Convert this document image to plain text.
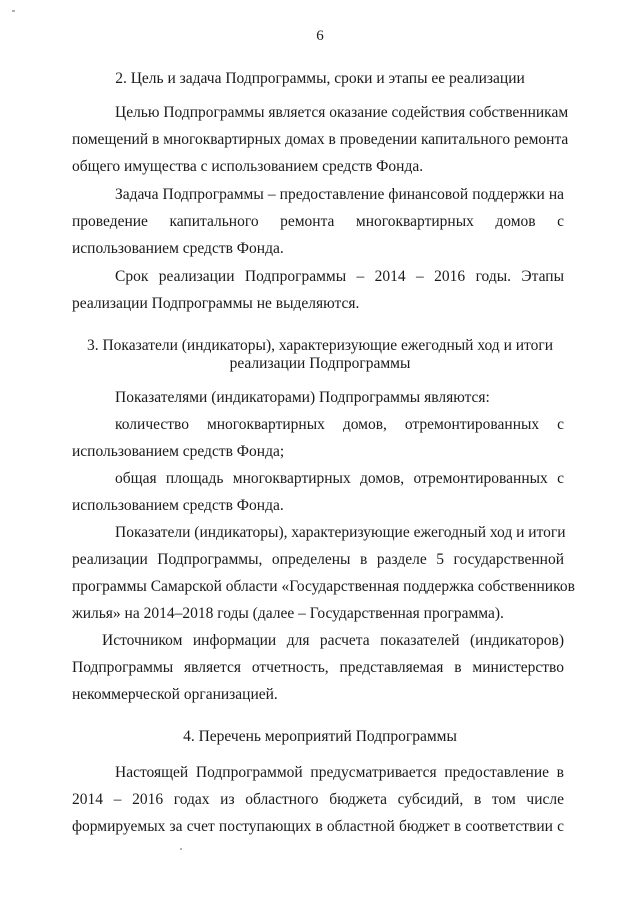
6
2. Цель и задача Подпрограммы, сроки и этапы ее реализации
Целью Подпрограммы является оказание содействия собственникам
помещений в многоквартирных домах в проведении капитального ремонта
общего имущества с использованием средств Фонда.
Задача Подпрограммы – предоставление финансовой поддержки на
проведение капитального ремонта многоквартирных домов с
использованием средств Фонда.
Срок реализации Подпрограммы – 2014 – 2016 годы. Этапы
реализации Подпрограммы не выделяются.
3. Показатели (индикаторы), характеризующие ежегодный ход и итоги
реализации Подпрограммы
Показателями (индикаторами) Подпрограммы являются:
количество многоквартирных домов, отремонтированных с
использованием средств Фонда;
общая площадь многоквартирных домов, отремонтированных с
использованием средств Фонда.
Показатели (индикаторы), характеризующие ежегодный ход и итоги
реализации Подпрограммы, определены в разделе 5 государственной
программы Самарской области «Государственная поддержка собственников
жилья» на 2014–2018 годы (далее – Государственная программа).
Источником информации для расчета показателей (индикаторов)
Подпрограммы является отчетность, представляемая в министерство
некоммерческой организацией.
4. Перечень мероприятий Подпрограммы
Настоящей Подпрограммой предусматривается предоставление в
2014 – 2016 годах из областного бюджета субсидий, в том числе
формируемых за счет поступающих в областной бюджет в соответствии с
